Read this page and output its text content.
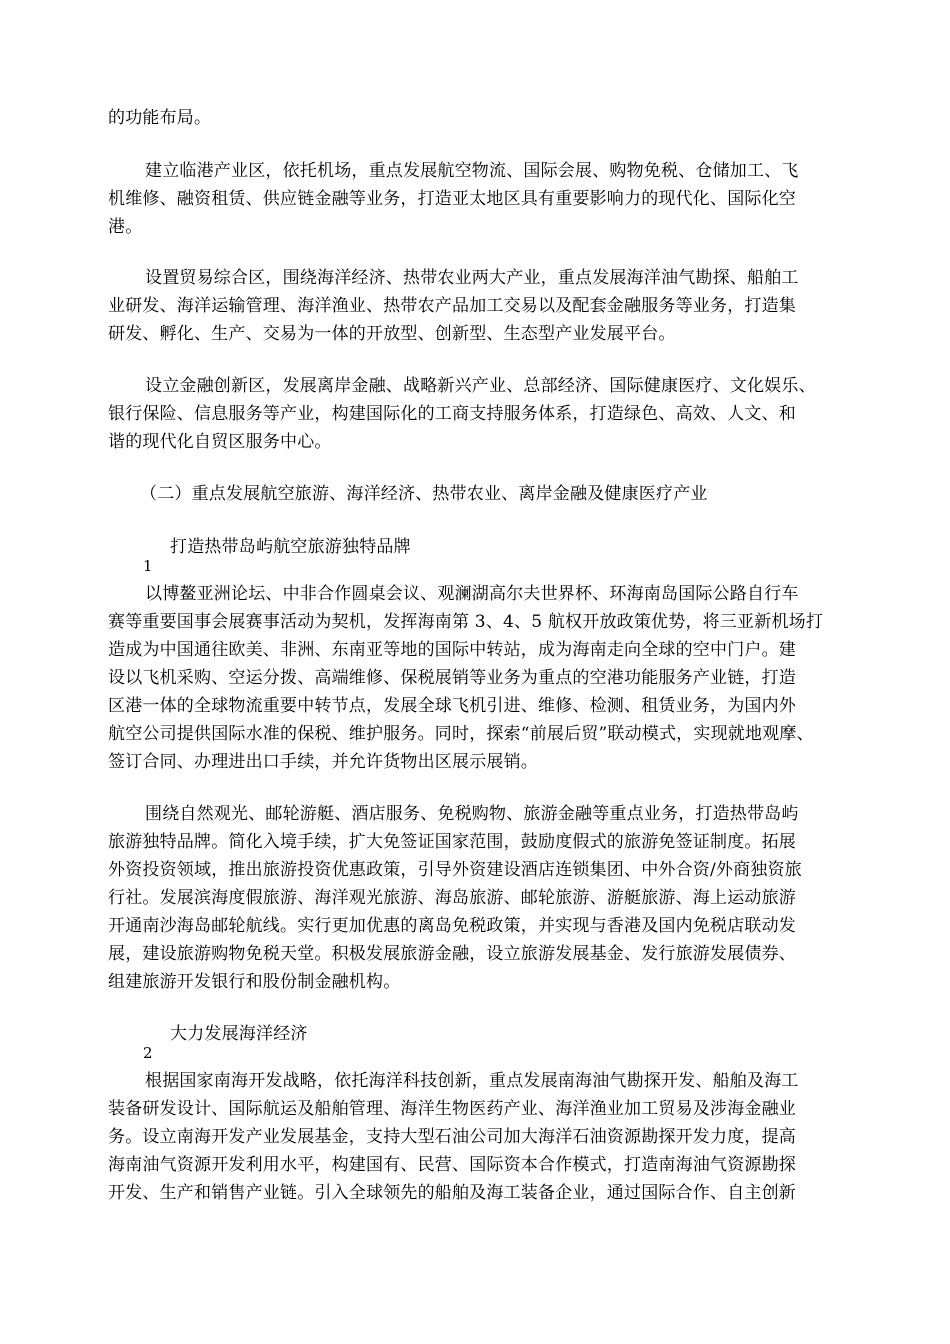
的功能布局。
建立临港产业区，依托机场，重点发展航空物流、国际会展、购物免税、仓储加工、飞
机维修、融资租赁、供应链金融等业务，打造亚太地区具有重要影响力的现代化、国际化空
港。
设置贸易综合区，围绕海洋经济、热带农业两大产业，重点发展海洋油气勘探、船舶工
业研发、海洋运输管理、海洋渔业、热带农产品加工交易以及配套金融服务等业务，打造集
研发、孵化、生产、交易为一体的开放型、创新型、生态型产业发展平台。
设立金融创新区，发展离岸金融、战略新兴产业、总部经济、国际健康医疗、文化娱乐、
银行保险、信息服务等产业，构建国际化的工商支持服务体系，打造绿色、高效、人文、和
谐的现代化自贸区服务中心。
（二）重点发展航空旅游、海洋经济、热带农业、离岸金融及健康医疗产业
打造热带岛屿航空旅游独特品牌
1
以博鳌亚洲论坛、中非合作圆桌会议、观澜湖高尔夫世界杯、环海南岛国际公路自行车
赛等重要国事会展赛事活动为契机，发挥海南第 3、4、5 航权开放政策优势，将三亚新机场打
造成为中国通往欧美、非洲、东南亚等地的国际中转站，成为海南走向全球的空中门户。建
设以飞机采购、空运分拨、高端维修、保税展销等业务为重点的空港功能服务产业链，打造
区港一体的全球物流重要中转节点，发展全球飞机引进、维修、检测、租赁业务，为国内外
航空公司提供国际水准的保税、维护服务。同时，探索“前展后贸”联动模式，实现就地观摩、
签订合同、办理进出口手续，并允许货物出区展示展销。
围绕自然观光、邮轮游艇、酒店服务、免税购物、旅游金融等重点业务，打造热带岛屿
旅游独特品牌。简化入境手续，扩大免签证国家范围，鼓励度假式的旅游免签证制度。拓展
外资投资领域，推出旅游投资优惠政策，引导外资建设酒店连锁集团、中外合资/外商独资旅
行社。发展滨海度假旅游、海洋观光旅游、海岛旅游、邮轮旅游、游艇旅游、海上运动旅游
开通南沙海岛邮轮航线。实行更加优惠的离岛免税政策，并实现与香港及国内免税店联动发
展，建设旅游购物免税天堂。积极发展旅游金融，设立旅游发展基金、发行旅游发展债券、
组建旅游开发银行和股份制金融机构。
大力发展海洋经济
2
根据国家南海开发战略，依托海洋科技创新，重点发展南海油气勘探开发、船舶及海工
装备研发设计、国际航运及船舶管理、海洋生物医药产业、海洋渔业加工贸易及涉海金融业
务。设立南海开发产业发展基金，支持大型石油公司加大海洋石油资源勘探开发力度，提高
海南油气资源开发利用水平，构建国有、民营、国际资本合作模式，打造南海油气资源勘探
开发、生产和销售产业链。引入全球领先的船舶及海工装备企业，通过国际合作、自主创新
